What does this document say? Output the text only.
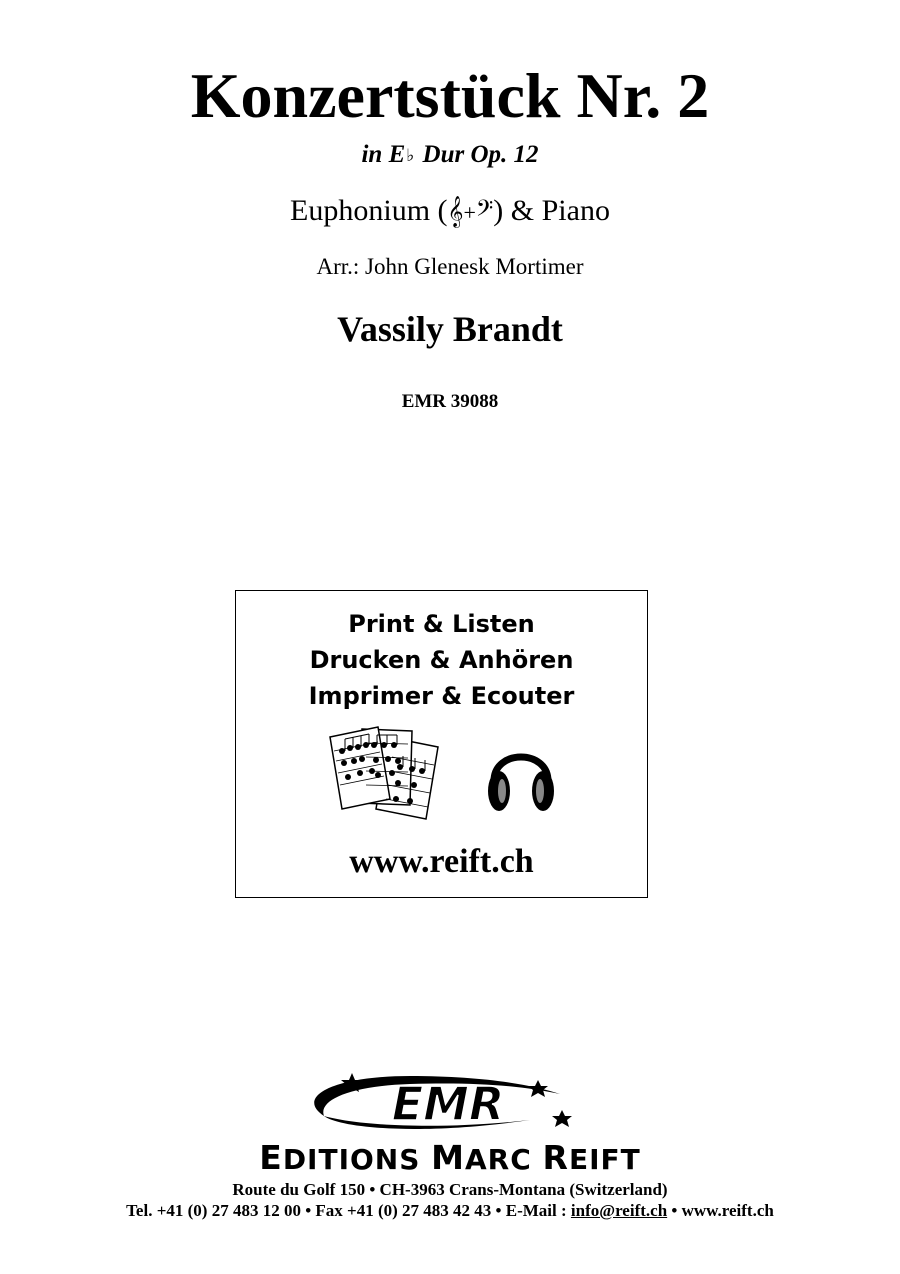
Konzertstück Nr. 2
in E♭ Dur Op. 12
Euphonium (𝄞+𝄢) & Piano
Arr.: John Glenesk Mortimer
Vassily Brandt
EMR 39088
Print & Listen
Drucken & Anhören
Imprimer & Ecouter
www.reift.ch
EMR
EDITIONS MARC REIFT
Route du Golf 150 • CH-3963 Crans-Montana (Switzerland)
Tel. +41 (0) 27 483 12 00 • Fax +41 (0) 27 483 42 43 • E-Mail : info@reift.ch • www.reift.ch
